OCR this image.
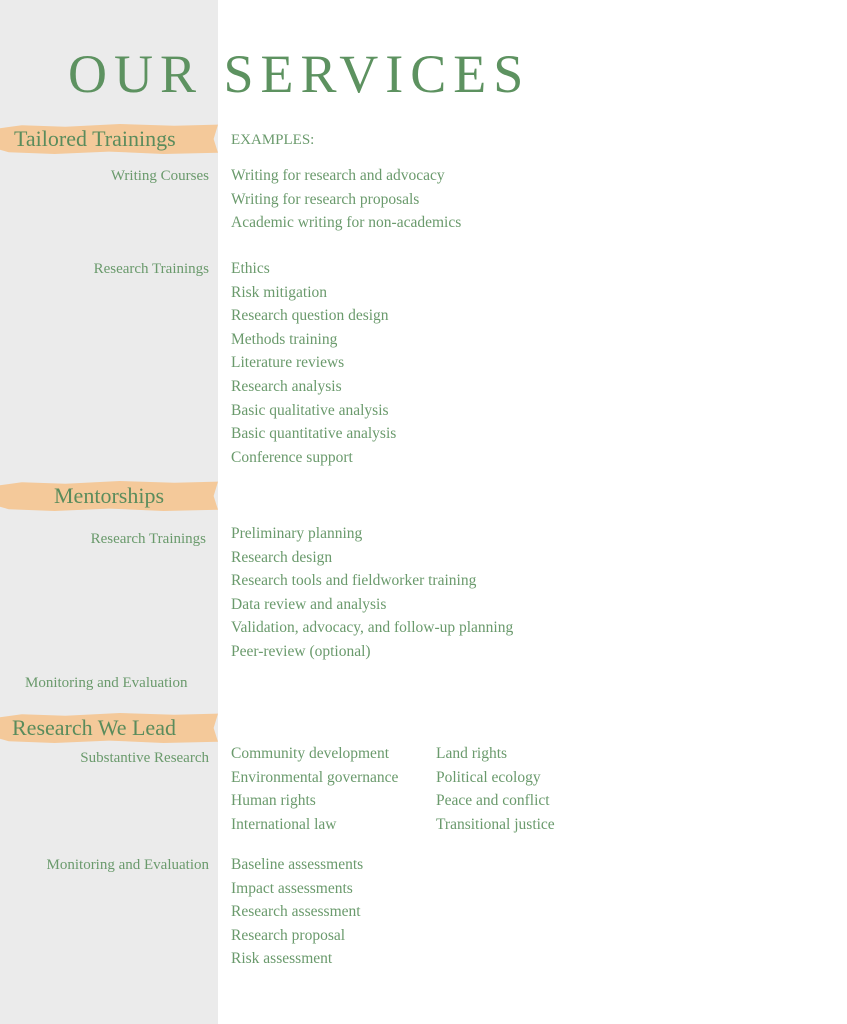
OUR SERVICES
Tailored Trainings	EXAMPLES:
Writing Courses Writing for research and advocacy
Writing for research proposals
Academic writing for non-academics
Research Trainings Ethics
Risk mitigation
Research question design
Methods training
Literature reviews
Research analysis
Basic qualitative analysis
Basic quantitative analysis
Conference support
Mentorships
Research Trainings Preliminary planning
Research design
Research tools and fieldworker training
Data review and analysis
Validation, advocacy, and follow-up planning
Peer-review (optional)
Monitoring and Evaluation
Research We Lead
Substantive Research Community development
Environmental governance
Human rights
International law
Land rights
Political ecology
Peace and conflict
Transitional justice
Monitoring and Evaluation Baseline assessments
Impact assessments
Research assessment
Research proposal
Risk assessment
